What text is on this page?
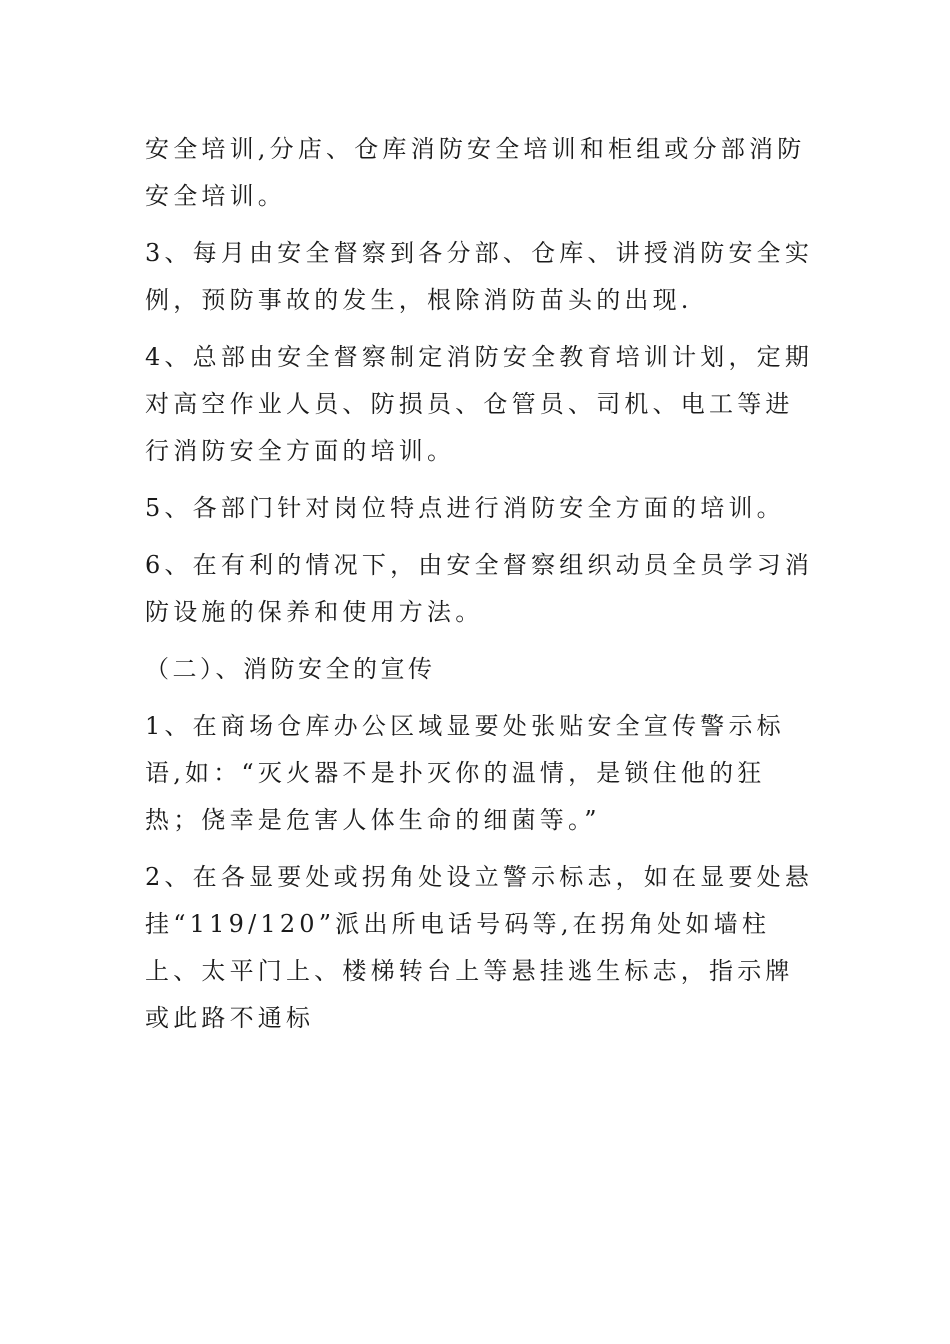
安全培训,分店、仓库消防安全培训和柜组或分部消防安全培训。

3、每月由安全督察到各分部、仓库、讲授消防安全实例，预防事故的发生，根除消防苗头的出现.

4、总部由安全督察制定消防安全教育培训计划，定期对高空作业人员、防损员、仓管员、司机、电工等进行消防安全方面的培训。

5、各部门针对岗位特点进行消防安全方面的培训。

6、在有利的情况下，由安全督察组织动员全员学习消防设施的保养和使用方法。

（二）、消防安全的宣传

1、在商场仓库办公区域显要处张贴安全宣传警示标语,如：“灭火器不是扑灭你的温情，是锁住他的狂热；侥幸是危害人体生命的细菌等。”

2、在各显要处或拐角处设立警示标志，如在显要处悬挂“119/120”派出所电话号码等,在拐角处如墙柱上、太平门上、楼梯转台上等悬挂逃生标志，指示牌或此路不通标
